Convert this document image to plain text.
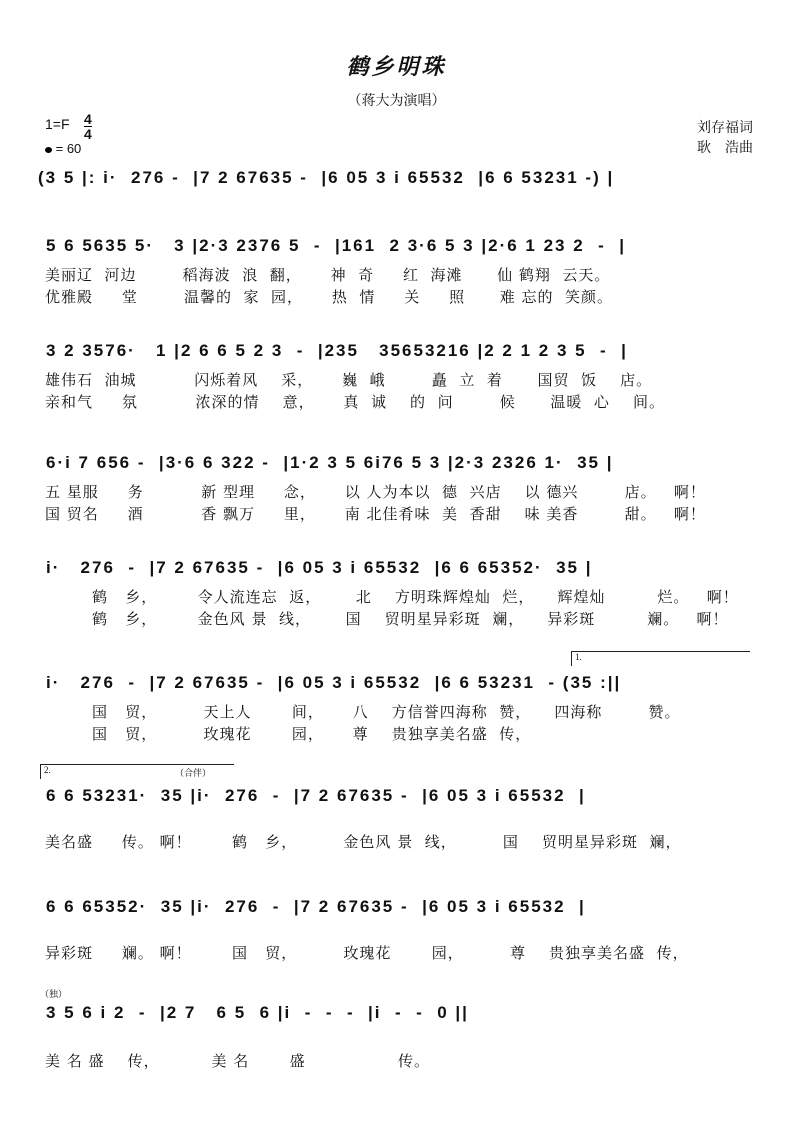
鹤乡明珠
（蒋大为演唱）
$1=F \frac{4}{4}$
= 60
刘存福词
耿　浩曲
(3 5 |: i·  276 -  |7 2 67635 -  |6 05 3 i 65532  |6 6 53231 -) |
5 6 5635 5·   3 |2·3 2376 5  -  |161  2 3·6 5 3 |2·6 1 23 2  -  |
美丽辽  河边        稻海波  浪  翻，     神  奇     红  海滩      仙 鹤翔  云天。
优雅殿     堂        温馨的  家  园，     热  情     关     照      难 忘的  笑颜。
3 2 3576·   1 |2 6 6 5 2 3  -  |235   35653216 |2 2 1 2 3 5  -  |
雄伟石  油城          闪烁着风    采，     巍  峨        矗  立  着      国贸  饭    店。
亲和气     氛          浓深的情    意，     真  诚    的  问        候      温暖  心    间。
6·i 7 656 -  |3·6 6 322 -  |1·2 3 5 6i76 5 3 |2·3 2326 1·  35 |
五 星服     务          新 型理     念，     以 人为本以  德  兴店    以 德兴        店。   啊！
国 贸名     酒          香 飘万     里，     南 北佳肴味  美  香甜    味 美香        甜。   啊！
i·   276  -  |7 2 67635 -  |6 05 3 i 65532  |6 6 65352·  35 |
鹤   乡，       令人流连忘  返，      北    方明珠辉煌灿  烂，    辉煌灿         烂。   啊！
鹤   乡，       金色风 景  线，      国    贸明星异彩斑  斓，    异彩斑         斓。   啊！
1.
i·   276  -  |7 2 67635 -  |6 05 3 i 65532  |6 6 53231  - (35 :||
国   贸，        天上人       间，     八    方信誉四海称  赞，    四海称        赞。
国   贸，        玫瑰花       园，     尊    贵独享美名盛  传，
2.	（合伴）
6 6 53231·  35 |i·  276  -  |7 2 67635 -  |6 05 3 i 65532  |
美名盛     传。 啊！       鹤   乡，        金色风 景  线，        国    贸明星异彩斑  斓，
6 6 65352·  35 |i·  276  -  |7 2 67635 -  |6 05 3 i 65532  |
异彩斑     斓。 啊！       国   贸，        玫瑰花       园，        尊    贵独享美名盛  传，
（独）
3 5 6 i 2  -  |2 7   6 5  6 |i  -  -  -  |i  -  -  0 ||
美 名 盛    传，         美 名       盛                传。
